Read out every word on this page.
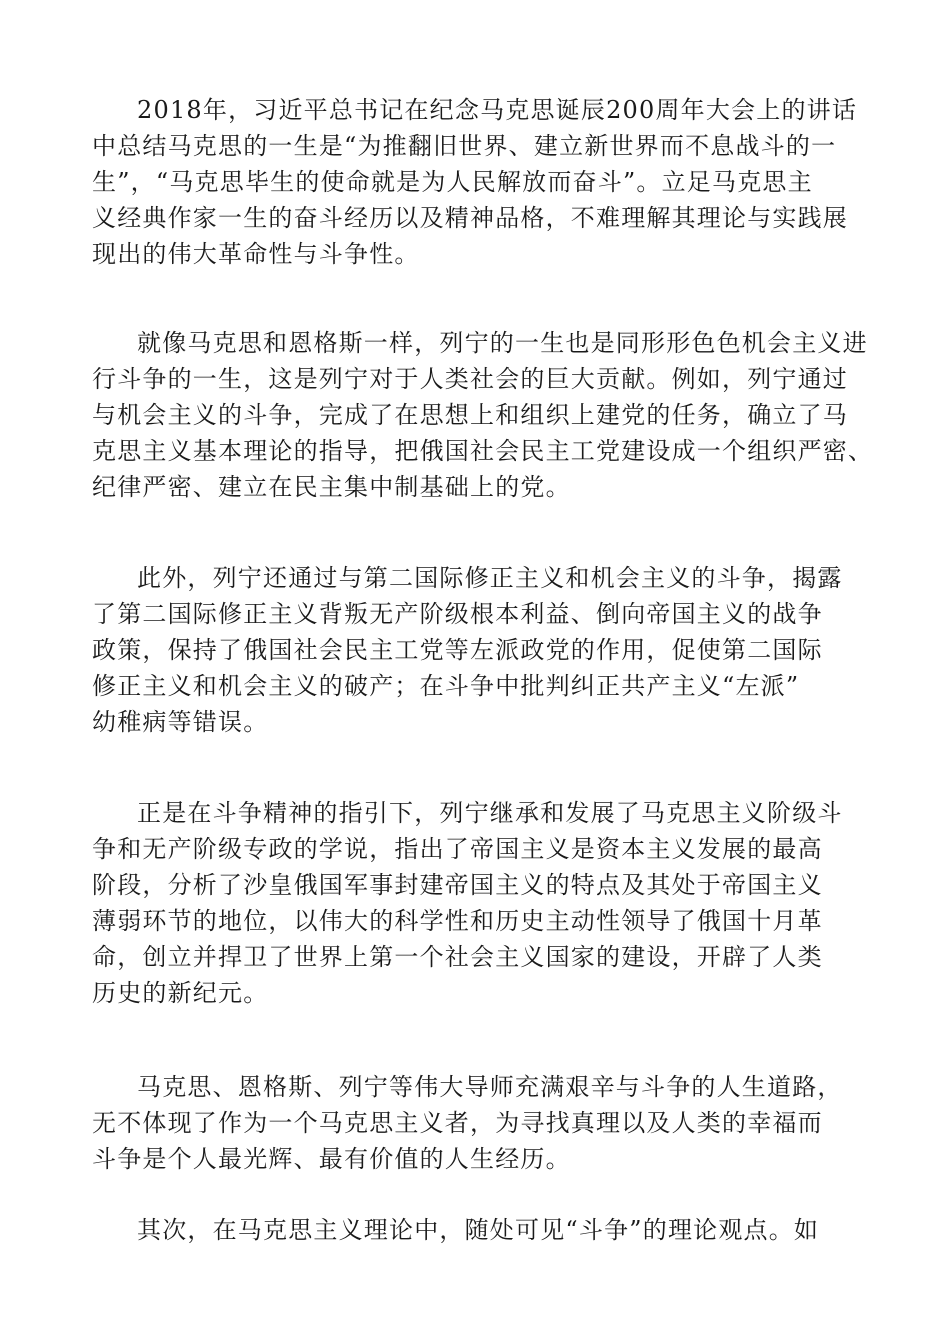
2018年，习近平总书记在纪念马克思诞辰200周年大会上的讲话
中总结马克思的一生是“为推翻旧世界、建立新世界而不息战斗的一
生”，“马克思毕生的使命就是为人民解放而奋斗”。立足马克思主
义经典作家一生的奋斗经历以及精神品格，不难理解其理论与实践展
现出的伟大革命性与斗争性。
就像马克思和恩格斯一样，列宁的一生也是同形形色色机会主义进
行斗争的一生，这是列宁对于人类社会的巨大贡献。例如，列宁通过
与机会主义的斗争，完成了在思想上和组织上建党的任务，确立了马
克思主义基本理论的指导，把俄国社会民主工党建设成一个组织严密、
纪律严密、建立在民主集中制基础上的党。
此外，列宁还通过与第二国际修正主义和机会主义的斗争，揭露
了第二国际修正主义背叛无产阶级根本利益、倒向帝国主义的战争
政策，保持了俄国社会民主工党等左派政党的作用，促使第二国际
修正主义和机会主义的破产；在斗争中批判纠正共产主义“左派”
幼稚病等错误。
正是在斗争精神的指引下，列宁继承和发展了马克思主义阶级斗
争和无产阶级专政的学说，指出了帝国主义是资本主义发展的最高
阶段，分析了沙皇俄国军事封建帝国主义的特点及其处于帝国主义
薄弱环节的地位，以伟大的科学性和历史主动性领导了俄国十月革
命，创立并捍卫了世界上第一个社会主义国家的建设，开辟了人类
历史的新纪元。
马克思、恩格斯、列宁等伟大导师充满艰辛与斗争的人生道路，
无不体现了作为一个马克思主义者，为寻找真理以及人类的幸福而
斗争是个人最光辉、最有价值的人生经历。
其次，在马克思主义理论中，随处可见“斗争”的理论观点。如
